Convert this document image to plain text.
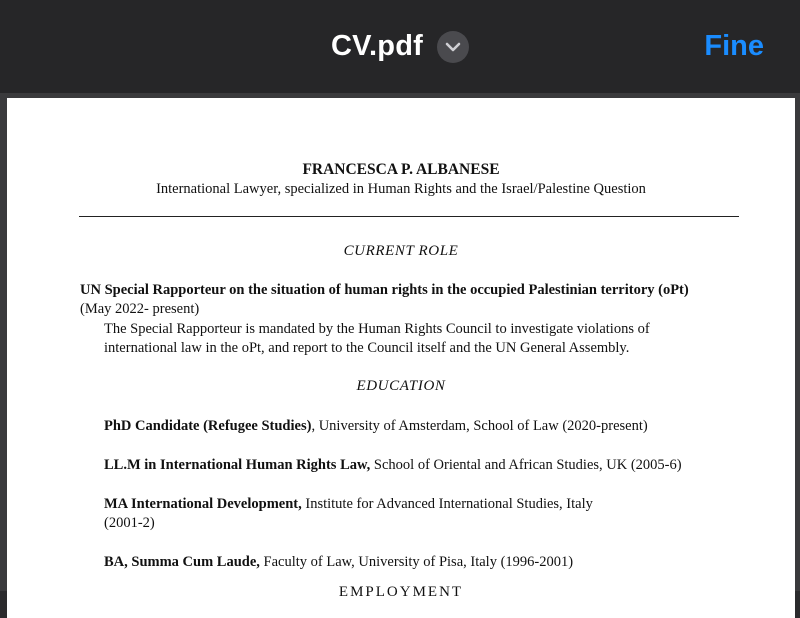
CV.pdf	Fine
FRANCESCA P. ALBANESE
International Lawyer, specialized in Human Rights and the Israel/Palestine Question
CURRENT ROLE
UN Special Rapporteur on the situation of human rights in the occupied Palestinian territory (oPt)
(May 2022- present)
The Special Rapporteur is mandated by the Human Rights Council to investigate violations of
international law in the oPt, and report to the Council itself and the UN General Assembly.
EDUCATION
PhD Candidate (Refugee Studies), University of Amsterdam, School of Law (2020-present)
LL.M in International Human Rights Law, School of Oriental and African Studies, UK (2005-6)
MA International Development, Institute for Advanced International Studies, Italy
(2001-2)
BA, Summa Cum Laude, Faculty of Law, University of Pisa, Italy (1996-2001)
EMPLOYMENT
